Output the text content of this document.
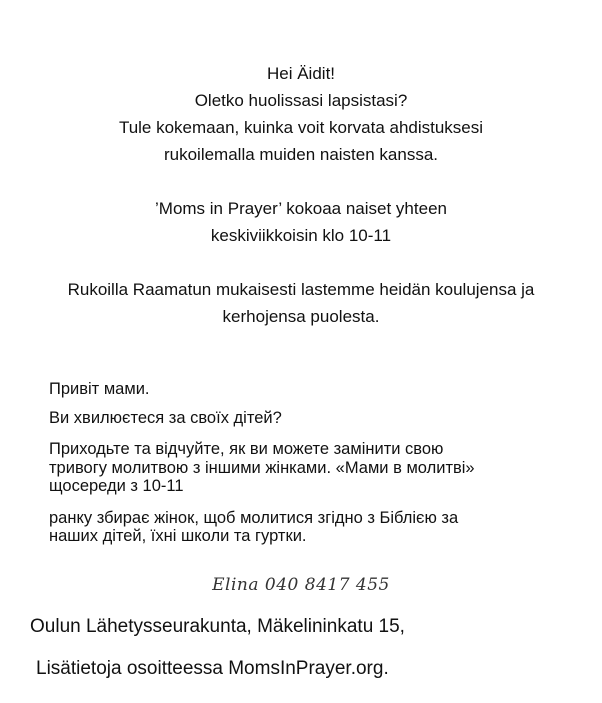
Hei Äidit!
Oletko huolissasi lapsistasi?
Tule kokemaan, kuinka voit korvata ahdistuksesi
rukoilemalla muiden naisten kanssa.
’Moms in Prayer’ kokoaa naiset yhteen
keskiviikkoisin klo 10-11
Rukoilla Raamatun mukaisesti lastemme heidän koulujensa ja
kerhojensa puolesta.
Привіт мами.
Ви хвилюєтеся за своїх дітей?
Приходьте та відчуйте, як ви можете замінити свою
тривогу молитвою з іншими жінками. «Мами в молитві»
щосереди з 10-11
ранку збирає жінок, щоб молитися згідно з Біблією за
наших дітей, їхні школи та гуртки.
Elina 040 8417 455
Oulun Lähetysseurakunta, Mäkelininkatu 15,
Lisätietoja osoitteessa MomsInPrayer.org.
